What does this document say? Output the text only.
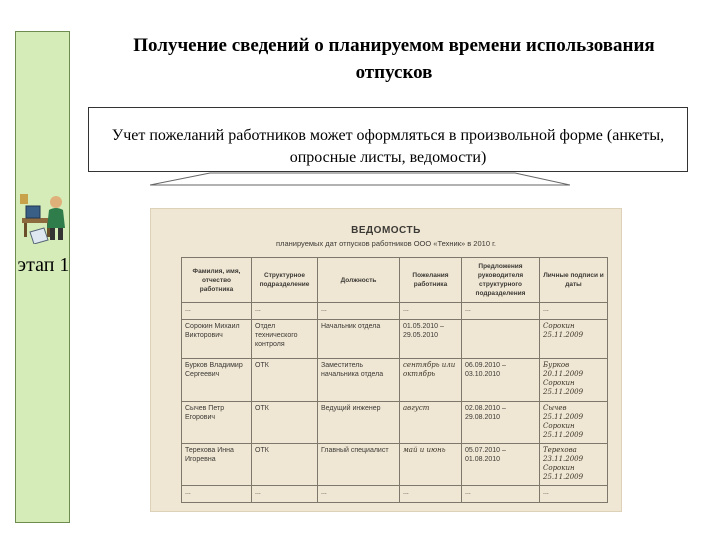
этап 1
Получение сведений о планируемом времени использования отпусков
Учет пожеланий работников может оформляться в произвольной форме (анкеты, опросные листы, ведомости)
ВЕДОМОСТЬ
планируемых дат отпусков работников ООО «Техник» в 2010 г.
Фамилия, имя, отчество работника	Структурное подразделение	Должность	Пожелания работника	Предложения руководителя структурного подразделения	Личные подписи и даты
...	...	...	...	...	...
Сорокин Михаил Викторович	Отдел технического контроля	Начальник отдела	01.05.2010 – 29.05.2010		Сорокин 25.11.2009
Бурков Владимир Сергеевич	ОТК	Заместитель начальника отдела	сентябрь или октябрь	06.09.2010 – 03.10.2010	Бурков 20.11.2009 Сорокин 25.11.2009
Сычев Петр Егорович	ОТК	Ведущий инженер	август	02.08.2010 – 29.08.2010	Сычев 25.11.2009 Сорокин 25.11.2009
Терехова Инна Игоревна	ОТК	Главный специалист	май и июнь	05.07.2010 – 01.08.2010	Терехова 23.11.2009 Сорокин 25.11.2009
...	...	...	...	...	...
